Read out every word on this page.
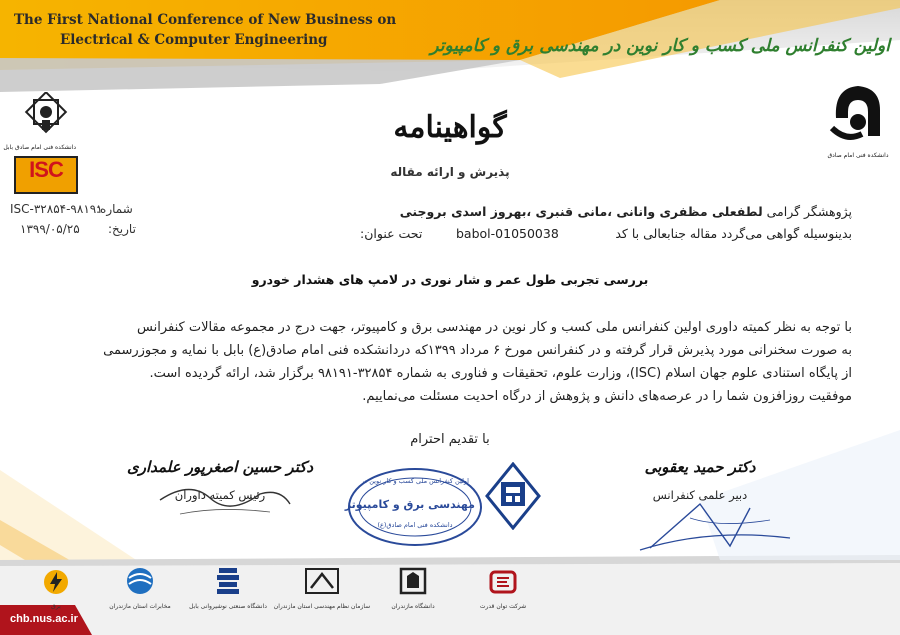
The First National Conference of New Business on
Electrical & Computer Engineering	اولین کنفرانس ملی کسب و کار نوین در مهندسی برق و کامپیوتر
دانشکده فنی امام صادق بابل
ISC
دانشکده فنی امام صادق
گواهینامه
پذیرش و ارائه مقاله
شماره:
ISC-۳۲۸۵۴-۹۸۱۹۱
تاریخ:
۱۳۹۹/۰۵/۲۵
پژوهشگر گرامی لطفعلی مظفری وانانی ،مانی قنبری ،بهروز اسدی بروجنی
بدینوسیله گواهی می‌گردد مقاله جنابعالی با کد
babol-01050038
تحت عنوان:
بررسی تجربی طول عمر و شار نوری در لامپ های هشدار خودرو
با توجه به نظر کمیته داوری اولین کنفرانس ملی کسب و کار نوین در مهندسی برق و کامپیوتر، جهت درج در مجموعه مقالات کنفرانس
به صورت سخنرانی مورد پذیرش قرار گرفته و در کنفرانس مورخ ۶ مرداد ۱۳۹۹که دردانشکده فنی امام صادق(ع) بابل با نمایه و مجوزرسمی
از پایگاه استنادی علوم جهان اسلام (ISC)، وزارت علوم، تحقیقات و فناوری به شماره ۳۲۸۵۴-۹۸۱۹۱ برگزار شد، ارائه گردیده است.
موفقیت روزافزون شما را در عرصه‌های دانش و پژوهش از درگاه احدیت مسئلت می‌نماییم.
با تقدیم احترام
دکتر حسین اصغرپور علمداری
رئیس کمیته داوران
اولین کنفرانس ملی کسب و کار نوین در
مهندسی برق و کامپیوتر
دانشکده فنی امام صادق(ع)
دکتر حمید یعقوبی
دبیر علمی کنفرانس
شرکت توان قدرت
دانشگاه مازندران
سازمان نظام مهندسی استان مازندران
دانشگاه صنعتی نوشیروانی بابل
مخابرات استان مازندران
برق
chb.nus.ac.ir
